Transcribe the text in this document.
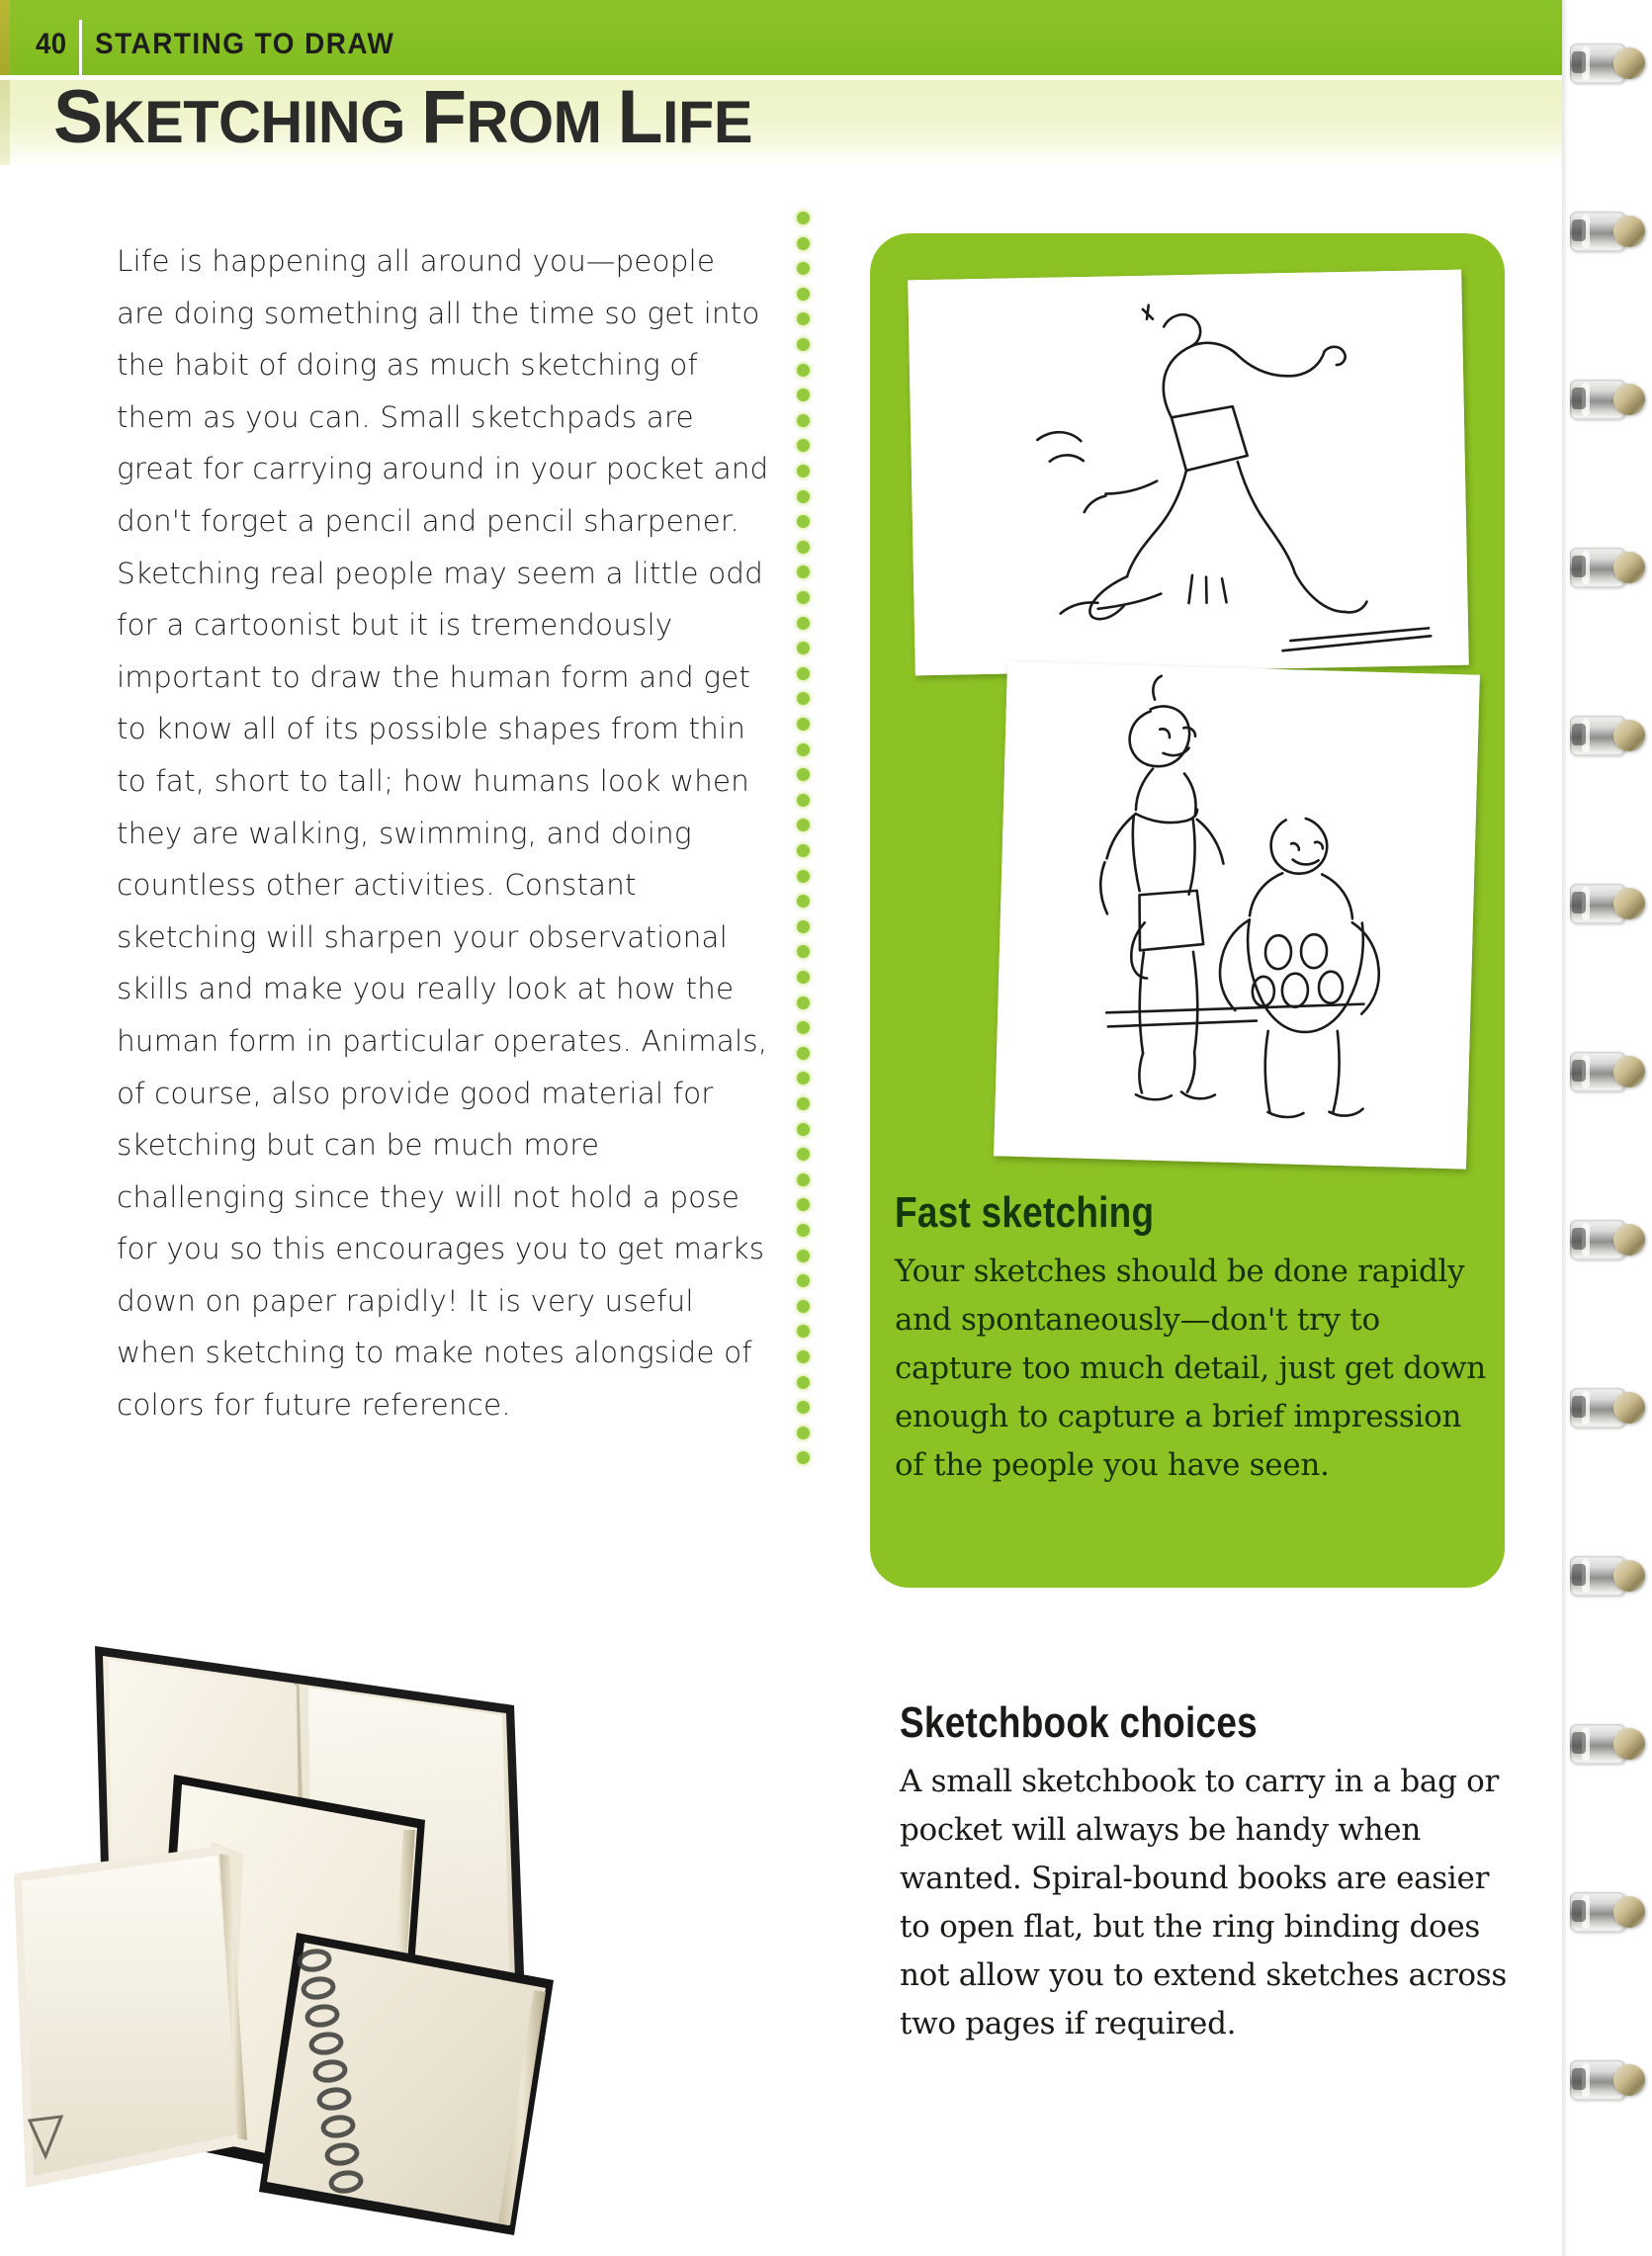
40 STARTING TO DRAW
SKETCHING FROM LIFE
Life is happening all around you—people are doing something all the time so get into the habit of doing as much sketching of them as you can. Small sketchpads are great for carrying around in your pocket and don't forget a pencil and pencil sharpener. Sketching real people may seem a little odd for a cartoonist but it is tremendously important to draw the human form and get to know all of its possible shapes from thin to fat, short to tall; how humans look when they are walking, swimming, and doing countless other activities. Constant sketching will sharpen your observational skills and make you really look at how the human form in particular operates. Animals, of course, also provide good material for sketching but can be much more challenging since they will not hold a pose for you so this encourages you to get marks down on paper rapidly! It is very useful when sketching to make notes alongside of colors for future reference.
Fast sketching
Your sketches should be done rapidly and spontaneously—don't try to capture too much detail, just get down enough to capture a brief impression of the people you have seen.
Sketchbook choices
A small sketchbook to carry in a bag or pocket will always be handy when wanted. Spiral-bound books are easier to open flat, but the ring binding does not allow you to extend sketches across two pages if required.
